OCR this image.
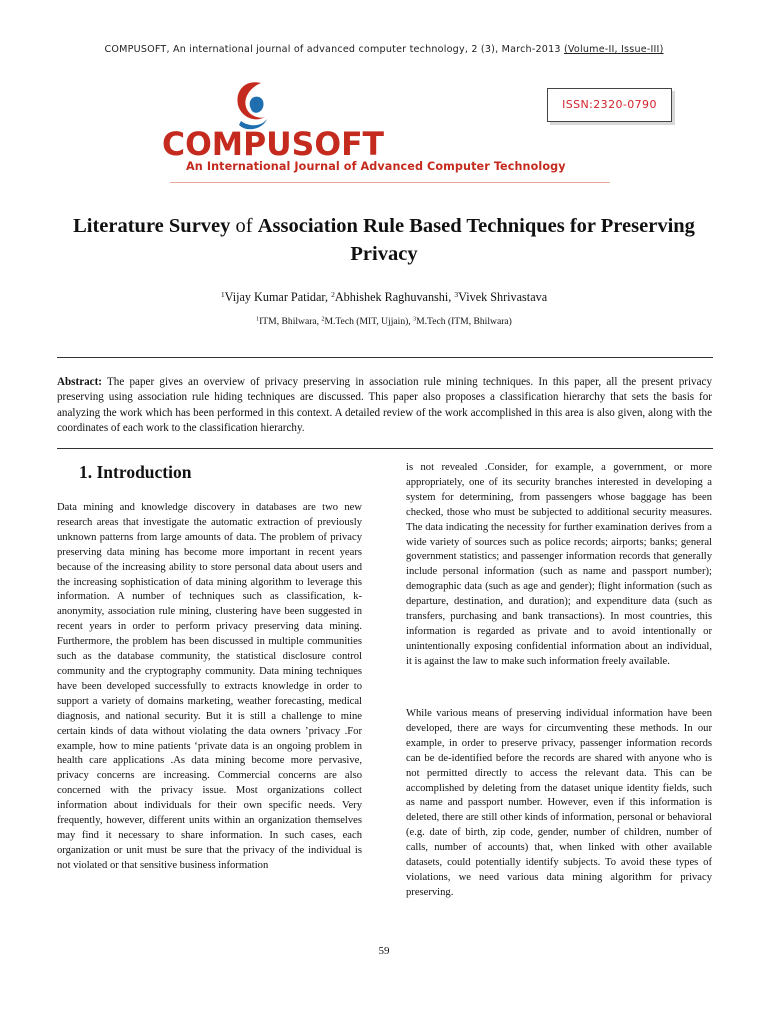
COMPUSOFT, An international journal of advanced computer technology, 2 (3), March-2013 (Volume-II, Issue-III)
ISSN:2320-0790
COMPUSOFT
An International Journal of Advanced Computer Technology
Literature Survey of Association Rule Based Techniques for Preserving Privacy
$^1$Vijay Kumar Patidar, $^2$Abhishek Raghuvanshi, $^3$Vivek Shrivastava
$^1$ITM, Bhilwara, $^2$M.Tech (MIT, Ujjain), $^3$M.Tech (ITM, Bhilwara)
Abstract: The paper gives an overview of privacy preserving in association rule mining techniques. In this paper, all the present privacy preserving using association rule hiding techniques are discussed. This paper also proposes a classification hierarchy that sets the basis for analyzing the work which has been performed in this context. A detailed review of the work accomplished in this area is also given, along with the coordinates of each work to the classification hierarchy.
1. Introduction
Data mining and knowledge discovery in databases are two new research areas that investigate the automatic extraction of previously unknown patterns from large amounts of data. The problem of privacy preserving data mining has become more important in recent years because of the increasing ability to store personal data about users and the increasing sophistication of data mining algorithm to leverage this information. A number of techniques such as classification, k-anonymity, association rule mining, clustering have been suggested in recent years in order to perform privacy preserving data mining. Furthermore, the problem has been discussed in multiple communities such as the database community, the statistical disclosure control community and the cryptography community. Data mining techniques have been developed successfully to extracts knowledge in order to support a variety of domains marketing, weather forecasting, medical diagnosis, and national security. But it is still a challenge to mine certain kinds of data without violating the data owners ’privacy .For example, how to mine patients ‘private data is an ongoing problem in health care applications .As data mining become more pervasive, privacy concerns are increasing. Commercial concerns are also concerned with the privacy issue. Most organizations collect information about individuals for their own specific needs. Very frequently, however, different units within an organization themselves may find it necessary to share information. In such cases, each organization or unit must be sure that the privacy of the individual is not violated or that sensitive business information
is not revealed .Consider, for example, a government, or more appropriately, one of its security branches interested in developing a system for determining, from passengers whose baggage has been checked, those who must be subjected to additional security measures. The data indicating the necessity for further examination derives from a wide variety of sources such as police records; airports; banks; general government statistics; and passenger information records that generally include personal information (such as name and passport number); demographic data (such as age and gender); flight information (such as departure, destination, and duration); and expenditure data (such as transfers, purchasing and bank transactions). In most countries, this information is regarded as private and to avoid intentionally or unintentionally exposing confidential information about an individual, it is against the law to make such information freely available.
While various means of preserving individual information have been developed, there are ways for circumventing these methods. In our example, in order to preserve privacy, passenger information records can be de-identified before the records are shared with anyone who is not permitted directly to access the relevant data. This can be accomplished by deleting from the dataset unique identity fields, such as name and passport number. However, even if this information is deleted, there are still other kinds of information, personal or behavioral (e.g. date of birth, zip code, gender, number of children, number of calls, number of accounts) that, when linked with other available datasets, could potentially identify subjects. To avoid these types of violations, we need various data mining algorithm for privacy preserving.
59
